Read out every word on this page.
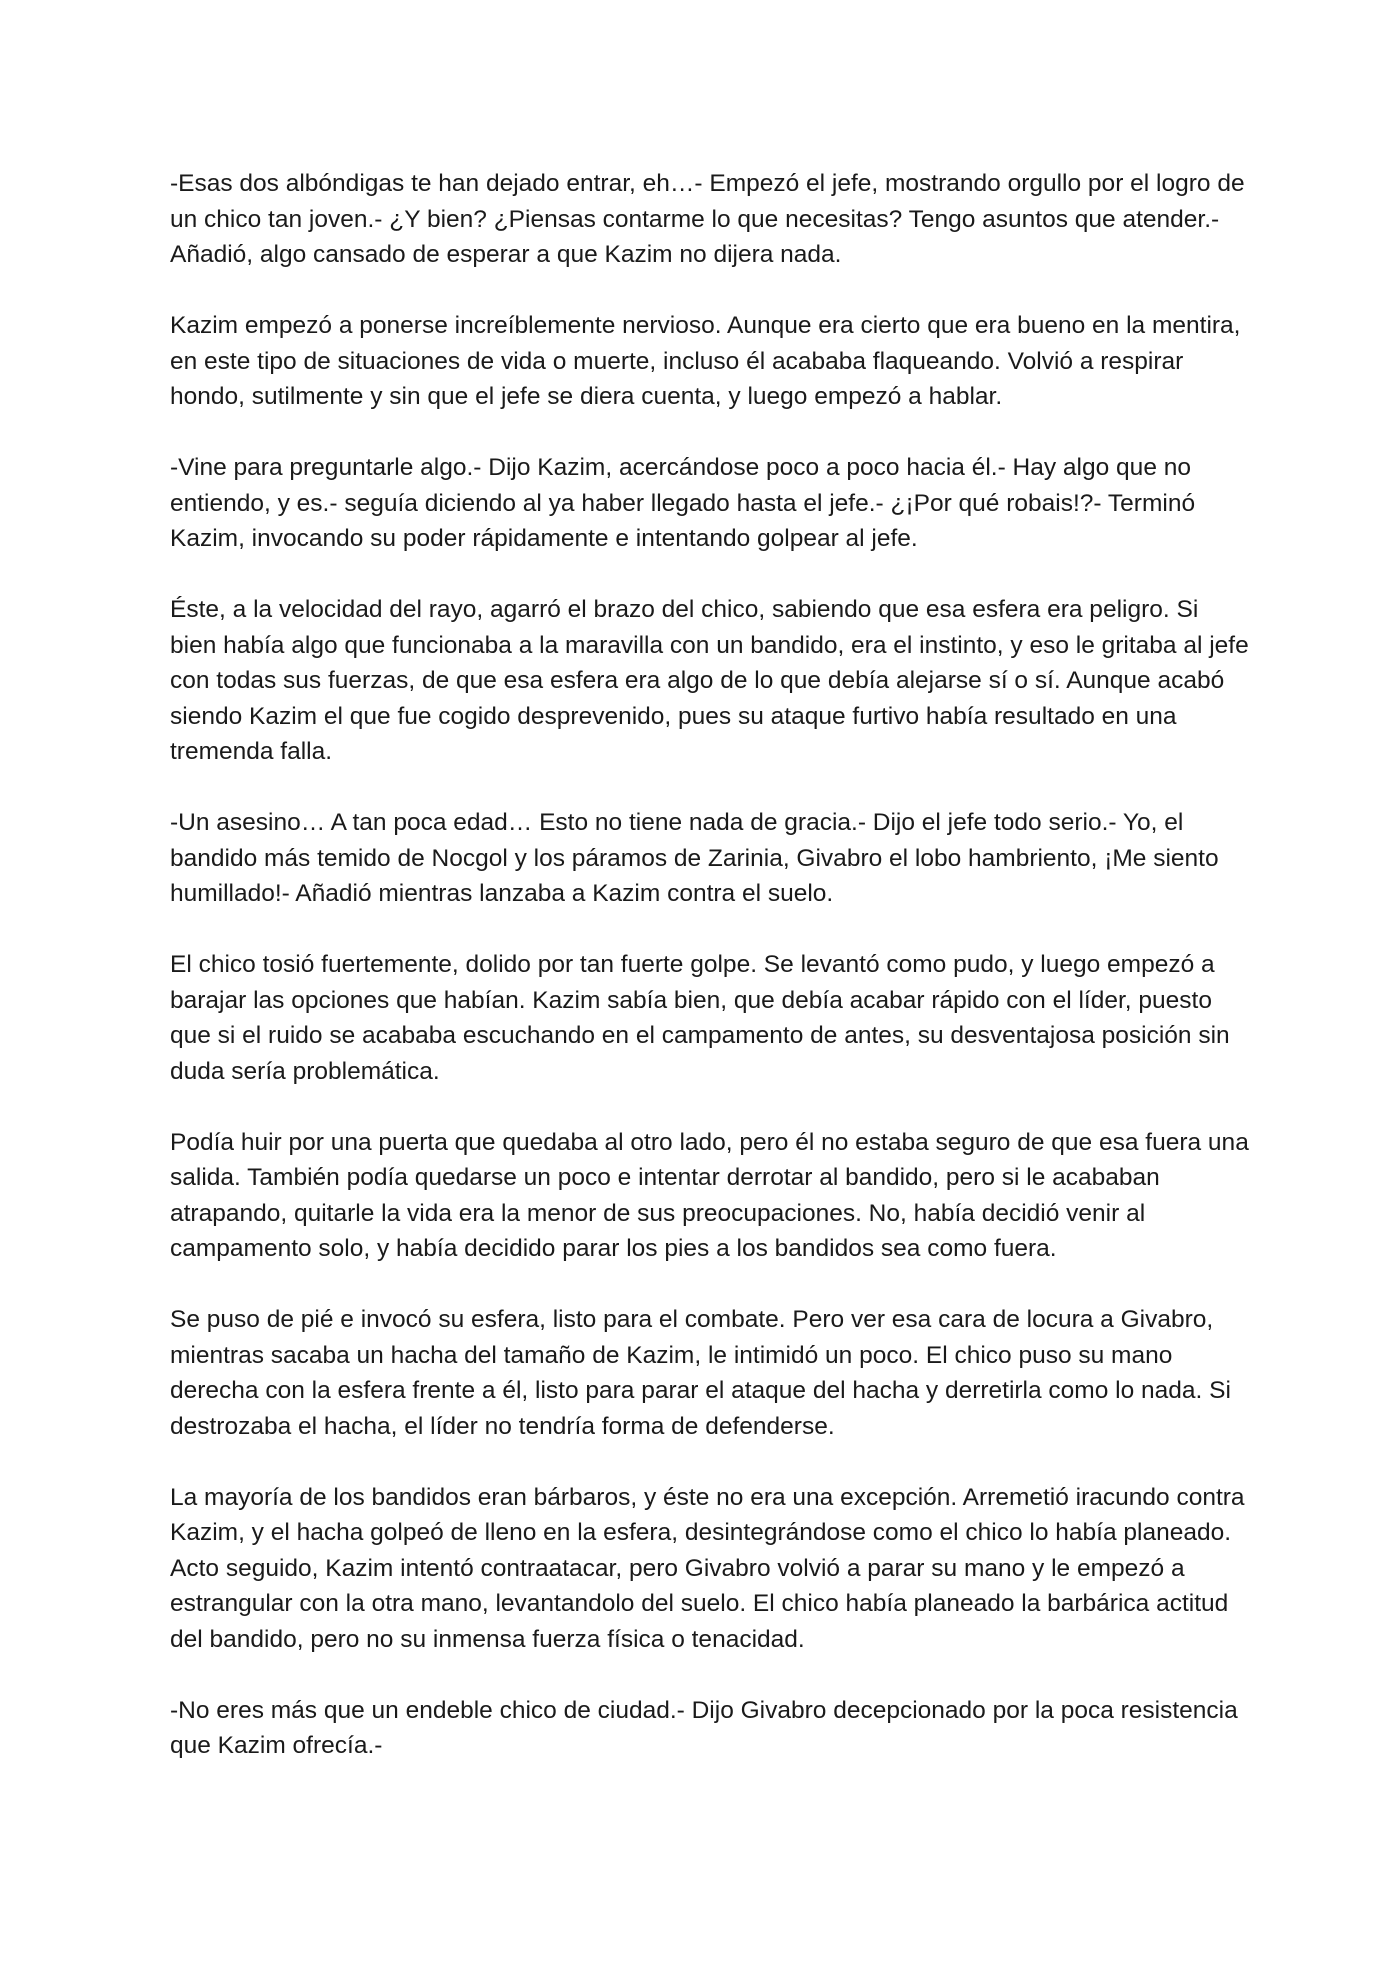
-Esas dos albóndigas te han dejado entrar, eh…- Empezó el jefe, mostrando orgullo por el logro de un chico tan joven.- ¿Y bien? ¿Piensas contarme lo que necesitas? Tengo asuntos que atender.- Añadió, algo cansado de esperar a que Kazim no dijera nada.

Kazim empezó a ponerse increíblemente nervioso. Aunque era cierto que era bueno en la mentira, en este tipo de situaciones de vida o muerte, incluso él acababa flaqueando. Volvió a respirar hondo, sutilmente y sin que el jefe se diera cuenta, y luego empezó a hablar.

-Vine para preguntarle algo.- Dijo Kazim, acercándose poco a poco hacia él.- Hay algo que no entiendo, y es.- seguía diciendo al ya haber llegado hasta el jefe.- ¿¡Por qué robais!?- Terminó Kazim, invocando su poder rápidamente e intentando golpear al jefe.

Éste, a la velocidad del rayo, agarró el brazo del chico, sabiendo que esa esfera era peligro. Si bien había algo que funcionaba a la maravilla con un bandido, era el instinto, y eso le gritaba al jefe con todas sus fuerzas, de que esa esfera era algo de lo que debía alejarse sí o sí. Aunque acabó siendo Kazim el que fue cogido desprevenido, pues su ataque furtivo había resultado en una tremenda falla.

-Un asesino… A tan poca edad… Esto no tiene nada de gracia.- Dijo el jefe todo serio.- Yo, el bandido más temido de Nocgol y los páramos de Zarinia, Givabro el lobo hambriento, ¡Me siento humillado!- Añadió mientras lanzaba a Kazim contra el suelo.

El chico tosió fuertemente, dolido por tan fuerte golpe. Se levantó como pudo, y luego empezó a barajar las opciones que habían. Kazim sabía bien, que debía acabar rápido con el líder, puesto que si el ruido se acababa escuchando en el campamento de antes, su desventajosa posición sin duda sería problemática.

Podía huir por una puerta que quedaba al otro lado, pero él no estaba seguro de que esa fuera una salida. También podía quedarse un poco e intentar derrotar al bandido, pero si le acababan atrapando, quitarle la vida era la menor de sus preocupaciones. No, había decidió venir al campamento solo, y había decidido parar los pies a los bandidos sea como fuera.

Se puso de pié e invocó su esfera, listo para el combate. Pero ver esa cara de locura a Givabro, mientras sacaba un hacha del tamaño de Kazim, le intimidó un poco. El chico puso su mano derecha con la esfera frente a él, listo para parar el ataque del hacha y derretirla como lo nada. Si destrozaba el hacha, el líder no tendría forma de defenderse.

La mayoría de los bandidos eran bárbaros, y éste no era una excepción. Arremetió iracundo contra Kazim, y el hacha golpeó de lleno en la esfera, desintegrándose como el chico lo había planeado. Acto seguido, Kazim intentó contraatacar, pero Givabro volvió a parar su mano y le empezó a estrangular con la otra mano, levantandolo del suelo. El chico había planeado la barbárica actitud del bandido, pero no su inmensa fuerza física o tenacidad.

-No eres más que un endeble chico de ciudad.- Dijo Givabro decepcionado por la poca resistencia que Kazim ofrecía.-
